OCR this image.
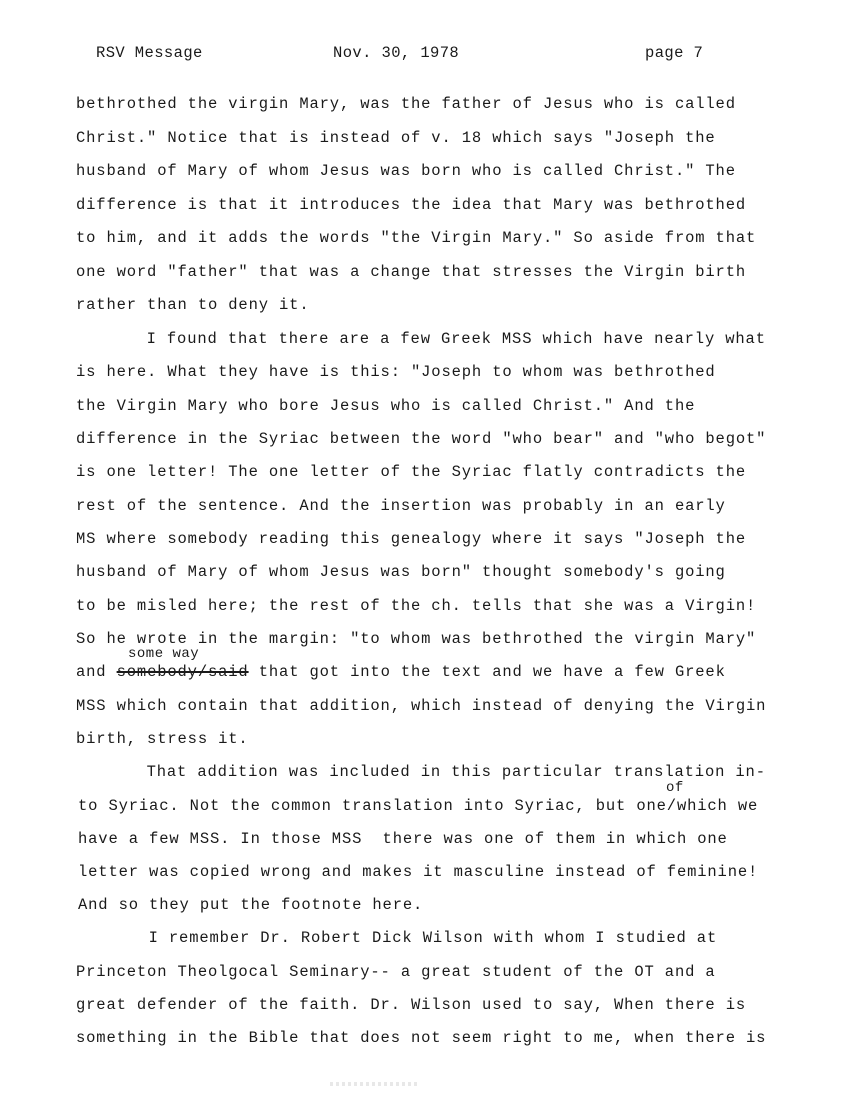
RSV Message	Nov. 30, 1978	page 7
bethrothed the virgin Mary, was the father of Jesus who is called
Christ." Notice that is instead of v. 18 which says "Joseph the
husband of Mary of whom Jesus was born who is called Christ." The
difference is that it introduces the idea that Mary was bethrothed
to him, and it adds the words "the Virgin Mary." So aside from that
one word "father" that was a change that stresses the Virgin birth
rather than to deny it.
I found that there are a few Greek MSS which have nearly what
is here. What they have is this: "Joseph to whom was bethrothed
the Virgin Mary who bore Jesus who is called Christ." And the
difference in the Syriac between the word "who bear" and "who begot"
is one letter! The one letter of the Syriac flatly contradicts the
rest of the sentence. And the insertion was probably in an early
MS where somebody reading this genealogy where it says "Joseph the
husband of Mary of whom Jesus was born" thought somebody's going
to be misled here; the rest of the ch. tells that she was a Virgin!
So he wrote in the margin: "to whom was bethrothed the virgin Mary"
some way
and somebody/said that got into the text and we have a few Greek
MSS which contain that addition, which instead of denying the Virgin
birth, stress it.
That addition was included in this particular translation in-
of
to Syriac. Not the common translation into Syriac, but one/which we
have a few MSS. In those MSS  there was one of them in which one
letter was copied wrong and makes it masculine instead of feminine!
And so they put the footnote here.
I remember Dr. Robert Dick Wilson with whom I studied at
Princeton Theolgocal Seminary-- a great student of the OT and a
great defender of the faith. Dr. Wilson used to say, When there is
something in the Bible that does not seem right to me, when there is
